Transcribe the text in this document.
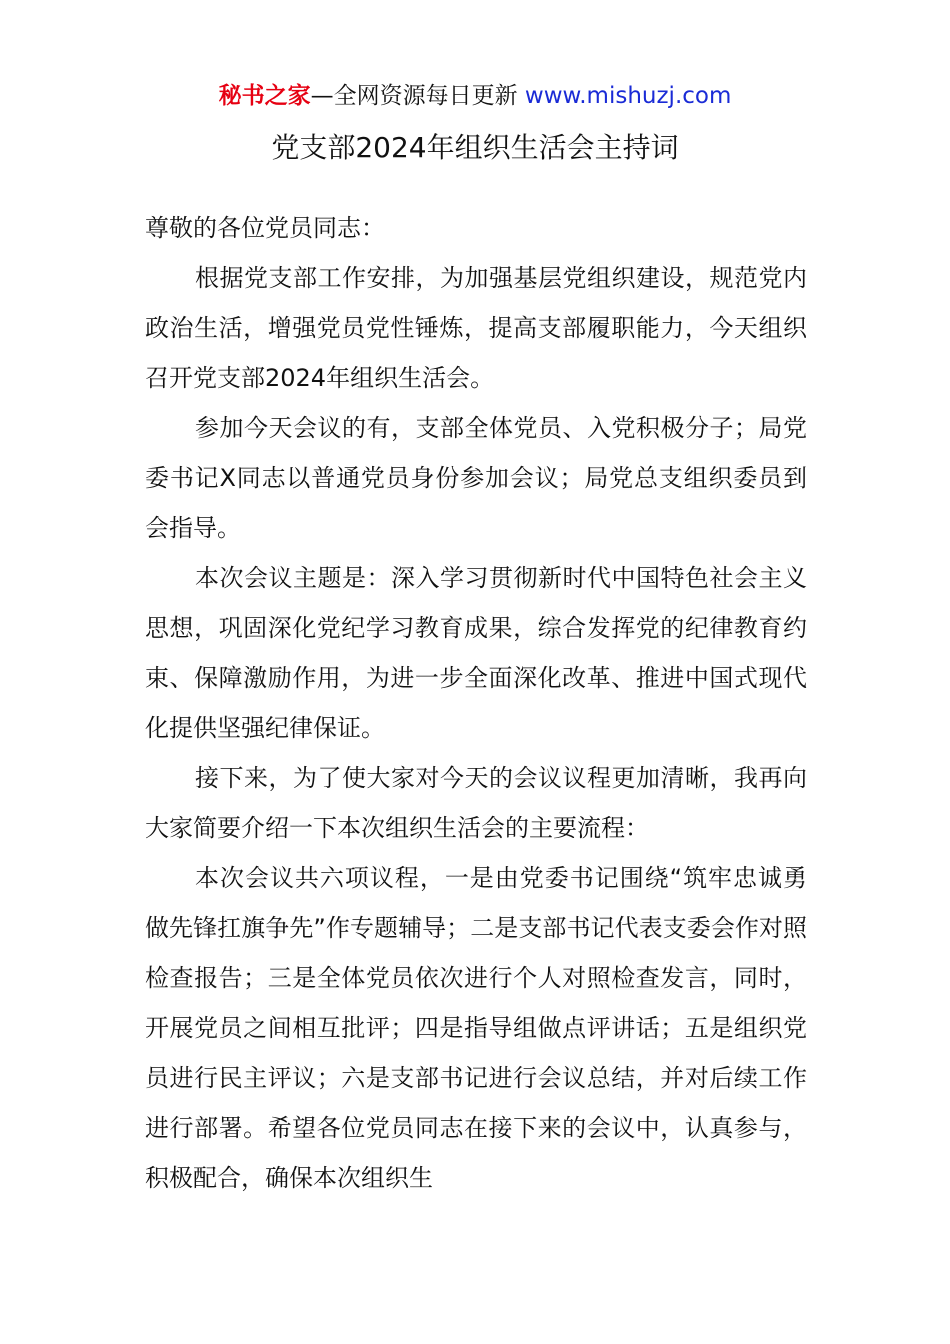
秘书之家—全网资源每日更新 www.mishuzj.com
党支部2024年组织生活会主持词

尊敬的各位党员同志：

根据党支部工作安排，为加强基层党组织建设，规范党内政治生活，增强党员党性锤炼，提高支部履职能力，今天组织召开党支部2024年组织生活会。

参加今天会议的有，支部全体党员、入党积极分子；局党委书记X同志以普通党员身份参加会议；局党总支组织委员到会指导。

本次会议主题是：深入学习贯彻新时代中国特色社会主义思想，巩固深化党纪学习教育成果，综合发挥党的纪律教育约束、保障激励作用，为进一步全面深化改革、推进中国式现代化提供坚强纪律保证。

接下来，为了使大家对今天的会议议程更加清晰，我再向大家简要介绍一下本次组织生活会的主要流程：

本次会议共六项议程，一是由党委书记围绕“筑牢忠诚勇做先锋扛旗争先”作专题辅导；二是支部书记代表支委会作对照检查报告；三是全体党员依次进行个人对照检查发言，同时，开展党员之间相互批评；四是指导组做点评讲话；五是组织党员进行民主评议；六是支部书记进行会议总结，并对后续工作进行部署。希望各位党员同志在接下来的会议中，认真参与，积极配合，确保本次组织生
